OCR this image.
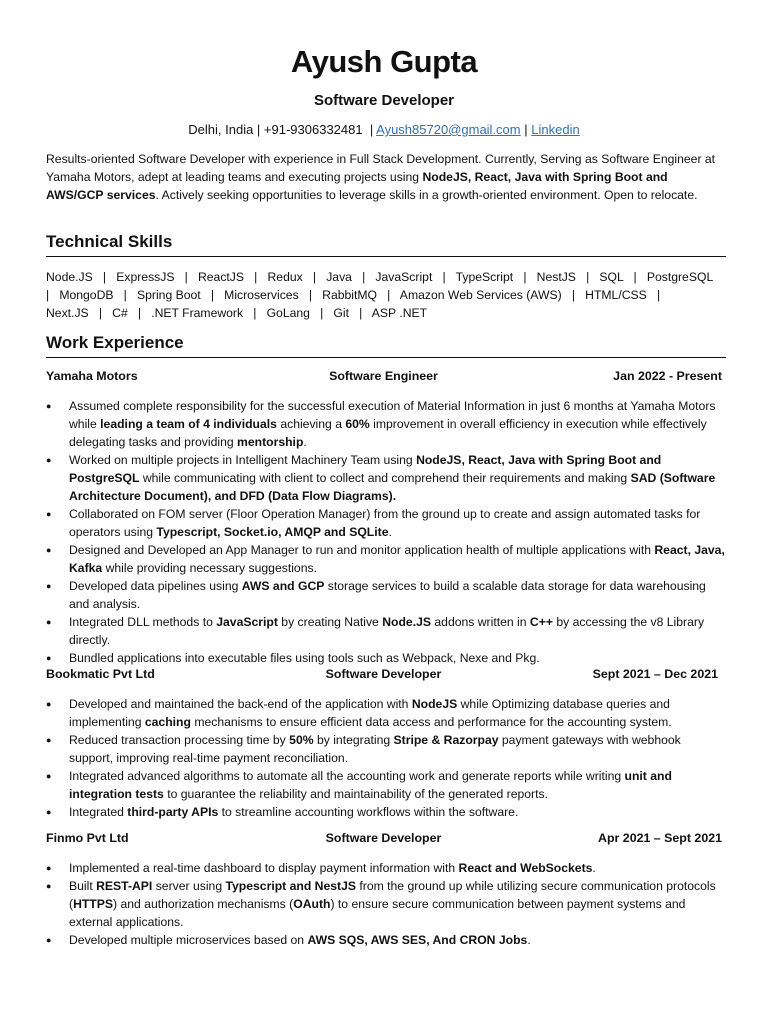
Ayush Gupta
Software Developer
Delhi, India | +91-9306332481 | Ayush85720@gmail.com | Linkedin
Results-oriented Software Developer with experience in Full Stack Development. Currently, Serving as Software Engineer at Yamaha Motors, adept at leading teams and executing projects using NodeJS, React, Java with Spring Boot and AWS/GCP services. Actively seeking opportunities to leverage skills in a growth-oriented environment. Open to relocate.
Technical Skills
Node.JS   |   ExpressJS   |   ReactJS   |   Redux   |   Java   |   JavaScript   |   TypeScript   |   NestJS   |   SQL   |   PostgreSQL
|   MongoDB   |   Spring Boot   |   Microservices   |   RabbitMQ   |   Amazon Web Services (AWS)   |   HTML/CSS   |
Next.JS   |   C#   |   .NET Framework   |   GoLang   |   Git   |   ASP .NET
Work Experience
Yamaha Motors	Software Engineer	Jan 2022 - Present
● Assumed complete responsibility for the successful execution of Material Information in just 6 months at Yamaha Motors while leading a team of 4 individuals achieving a 60% improvement in overall efficiency in execution while effectively delegating tasks and providing mentorship.
● Worked on multiple projects in Intelligent Machinery Team using NodeJS, React, Java with Spring Boot and PostgreSQL while communicating with client to collect and comprehend their requirements and making SAD (Software Architecture Document), and DFD (Data Flow Diagrams).
● Collaborated on FOM server (Floor Operation Manager) from the ground up to create and assign automated tasks for operators using Typescript, Socket.io, AMQP and SQLite.
● Designed and Developed an App Manager to run and monitor application health of multiple applications with React, Java, Kafka while providing necessary suggestions.
● Developed data pipelines using AWS and GCP storage services to build a scalable data storage for data warehousing and analysis.
● Integrated DLL methods to JavaScript by creating Native Node.JS addons written in C++ by accessing the v8 Library directly.
● Bundled applications into executable files using tools such as Webpack, Nexe and Pkg.
Bookmatic Pvt Ltd	Software Developer	Sept 2021 – Dec 2021
● Developed and maintained the back-end of the application with NodeJS while Optimizing database queries and implementing caching mechanisms to ensure efficient data access and performance for the accounting system.
● Reduced transaction processing time by 50% by integrating Stripe & Razorpay payment gateways with webhook support, improving real-time payment reconciliation.
● Integrated advanced algorithms to automate all the accounting work and generate reports while writing unit and integration tests to guarantee the reliability and maintainability of the generated reports.
● Integrated third-party APIs to streamline accounting workflows within the software.
Finmo Pvt Ltd	Software Developer	Apr 2021 – Sept 2021
● Implemented a real-time dashboard to display payment information with React and WebSockets.
● Built REST-API server using Typescript and NestJS from the ground up while utilizing secure communication protocols (HTTPS) and authorization mechanisms (OAuth) to ensure secure communication between payment systems and external applications.
● Developed multiple microservices based on AWS SQS, AWS SES, And CRON Jobs.
